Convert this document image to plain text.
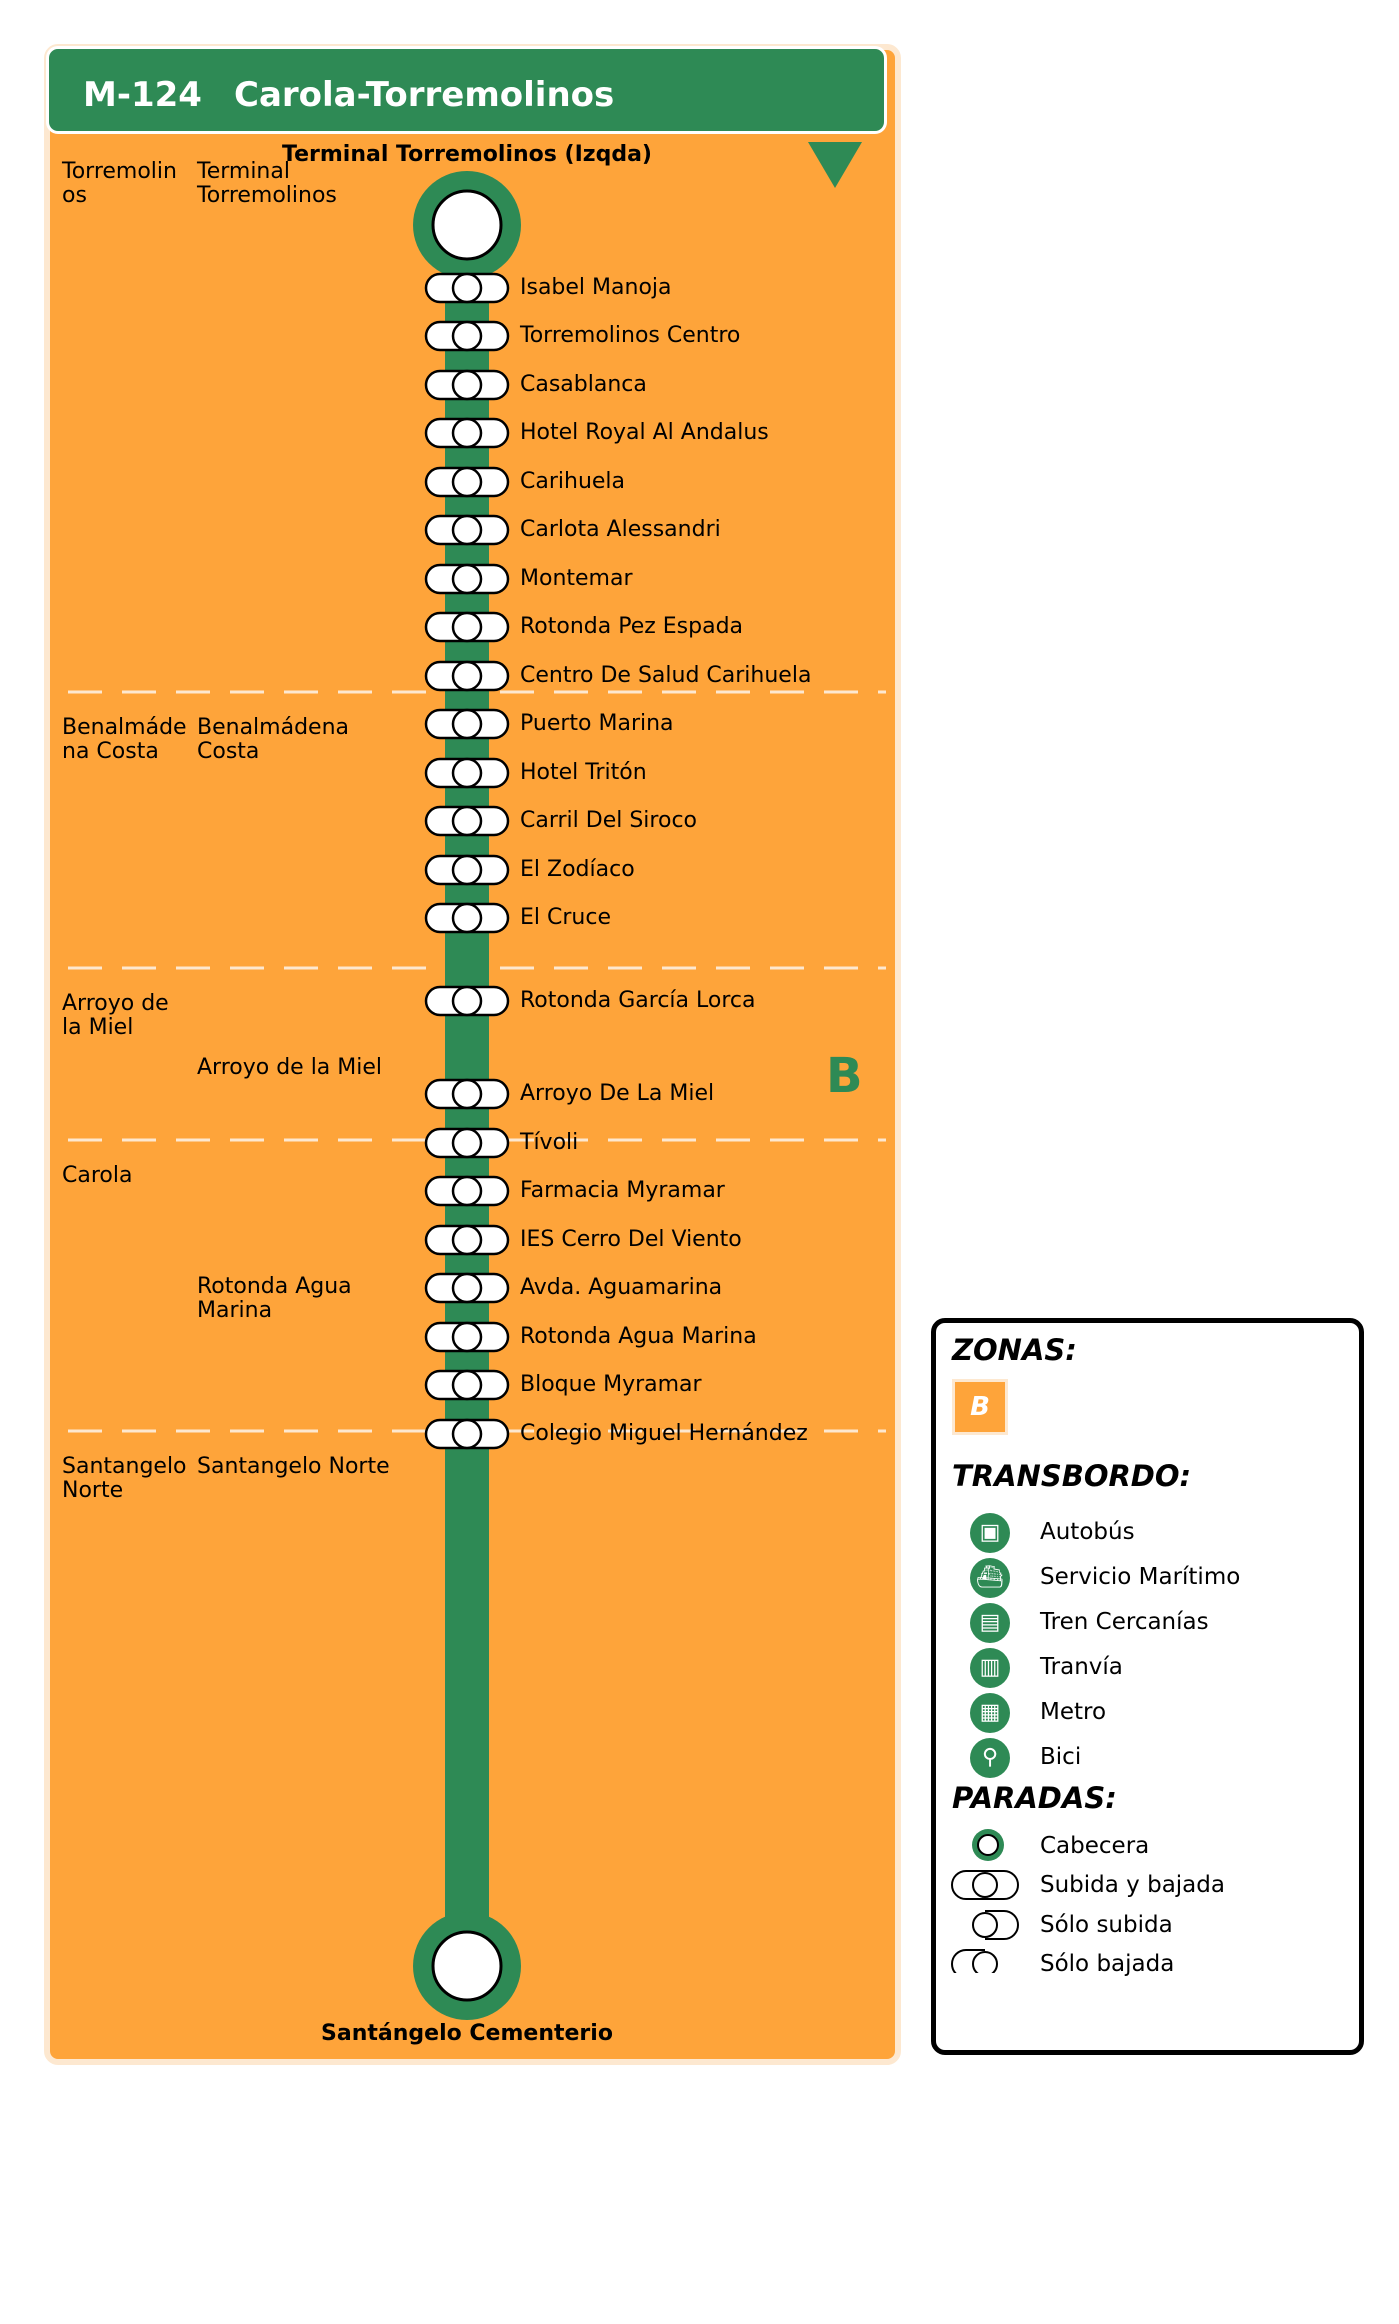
M-124 Carola-Torremolinos
Terminal Torremolinos (Izqda)
Santángelo Cementerio
Torremolin
os
Terminal
Torremolinos
Benalmáde
na Costa
Benalmádena
Costa
Arroyo de
la Miel
Arroyo de la Miel
Carola
Rotonda Agua
Marina
Santangelo
Norte
Santangelo Norte
B
Isabel Manoja
Torremolinos Centro
Casablanca
Hotel Royal Al Andalus
Carihuela
Carlota Alessandri
Montemar
Rotonda Pez Espada
Centro De Salud Carihuela
Puerto Marina
Hotel Tritón
Carril Del Siroco
El Zodíaco
El Cruce
Rotonda García Lorca
Arroyo De La Miel
Tívoli
Farmacia Myramar
IES Cerro Del Viento
Avda. Aguamarina
Rotonda Agua Marina
Bloque Myramar
Colegio Miguel Hernández
ZONAS:
B
TRANSBORDO:
▣	Autobús
⛴ Servicio Marítimo
▤	Tren Cercanías
▥	Tranvía
▦	Metro
⚲	Bici
PARADAS:
Cabecera
Subida y bajada
Sólo subida
Sólo bajada
